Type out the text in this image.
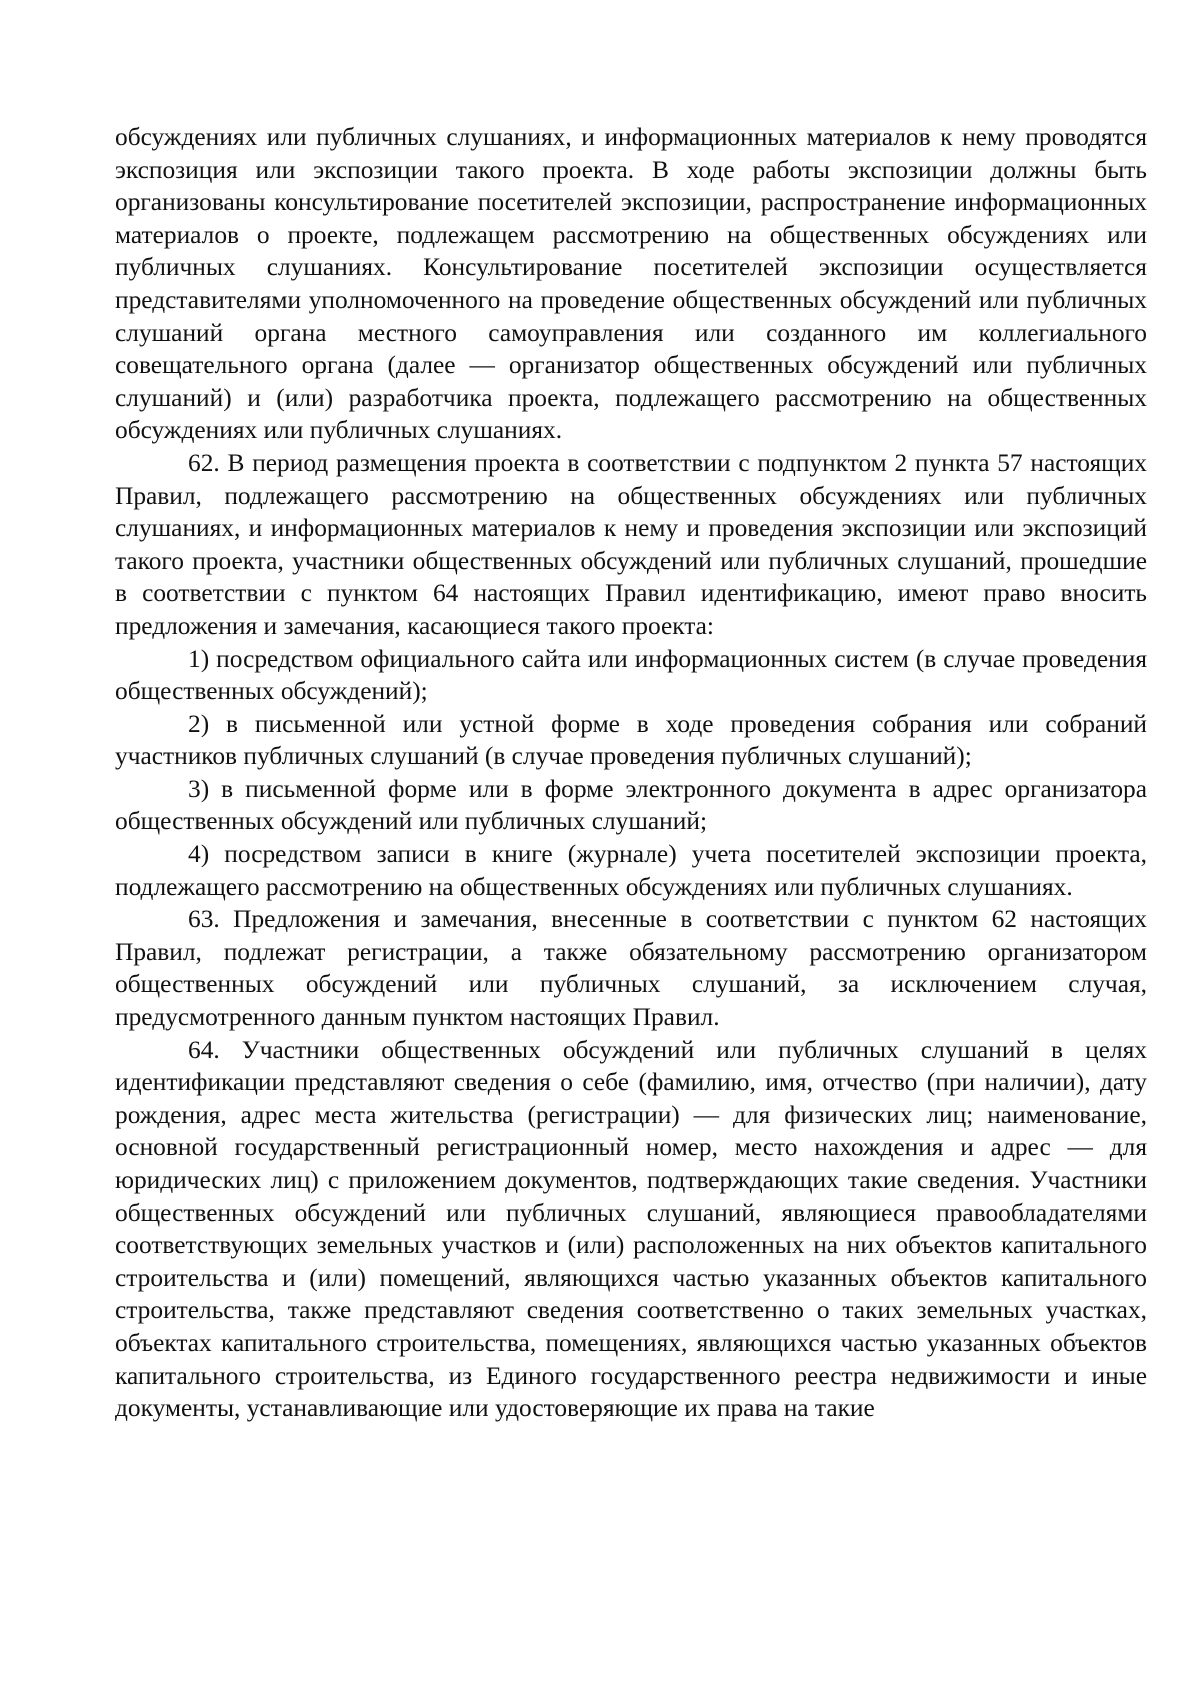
обсуждениях или публичных слушаниях, и информационных материалов к нему проводятся экспозиция или экспозиции такого проекта. В ходе работы экспозиции должны быть организованы консультирование посетителей экспозиции, распространение информационных материалов о проекте, подлежащем рассмотрению на общественных обсуждениях или публичных слушаниях. Консультирование посетителей экспозиции осуществляется представителями уполномоченного на проведение общественных обсуждений или публичных слушаний органа местного самоуправления или созданного им коллегиального совещательного органа (далее — организатор общественных обсуждений или публичных слушаний) и (или) разработчика проекта, подлежащего рассмотрению на общественных обсуждениях или публичных слушаниях.

62. В период размещения проекта в соответствии с подпунктом 2 пункта 57 настоящих Правил, подлежащего рассмотрению на общественных обсуждениях или публичных слушаниях, и информационных материалов к нему и проведения экспозиции или экспозиций такого проекта, участники общественных обсуждений или публичных слушаний, прошедшие в соответствии с пунктом 64 настоящих Правил идентификацию, имеют право вносить предложения и замечания, касающиеся такого проекта:

1) посредством официального сайта или информационных систем (в случае проведения общественных обсуждений);

2) в письменной или устной форме в ходе проведения собрания или собраний участников публичных слушаний (в случае проведения публичных слушаний);

3) в письменной форме или в форме электронного документа в адрес организатора общественных обсуждений или публичных слушаний;

4) посредством записи в книге (журнале) учета посетителей экспозиции проекта, подлежащего рассмотрению на общественных обсуждениях или публичных слушаниях.

63. Предложения и замечания, внесенные в соответствии с пунктом 62 настоящих Правил, подлежат регистрации, а также обязательному рассмотрению организатором общественных обсуждений или публичных слушаний, за исключением случая, предусмотренного данным пунктом настоящих Правил.

64. Участники общественных обсуждений или публичных слушаний в целях идентификации представляют сведения о себе (фамилию, имя, отчество (при наличии), дату рождения, адрес места жительства (регистрации) — для физических лиц; наименование, основной государственный регистрационный номер, место нахождения и адрес — для юридических лиц) с приложением документов, подтверждающих такие сведения. Участники общественных обсуждений или публичных слушаний, являющиеся правообладателями соответствующих земельных участков и (или) расположенных на них объектов капитального строительства и (или) помещений, являющихся частью указанных объектов капитального строительства, также представляют сведения соответственно о таких земельных участках, объектах капитального строительства, помещениях, являющихся частью указанных объектов капитального строительства, из Единого государственного реестра недвижимости и иные документы, устанавливающие или удостоверяющие их права на такие
